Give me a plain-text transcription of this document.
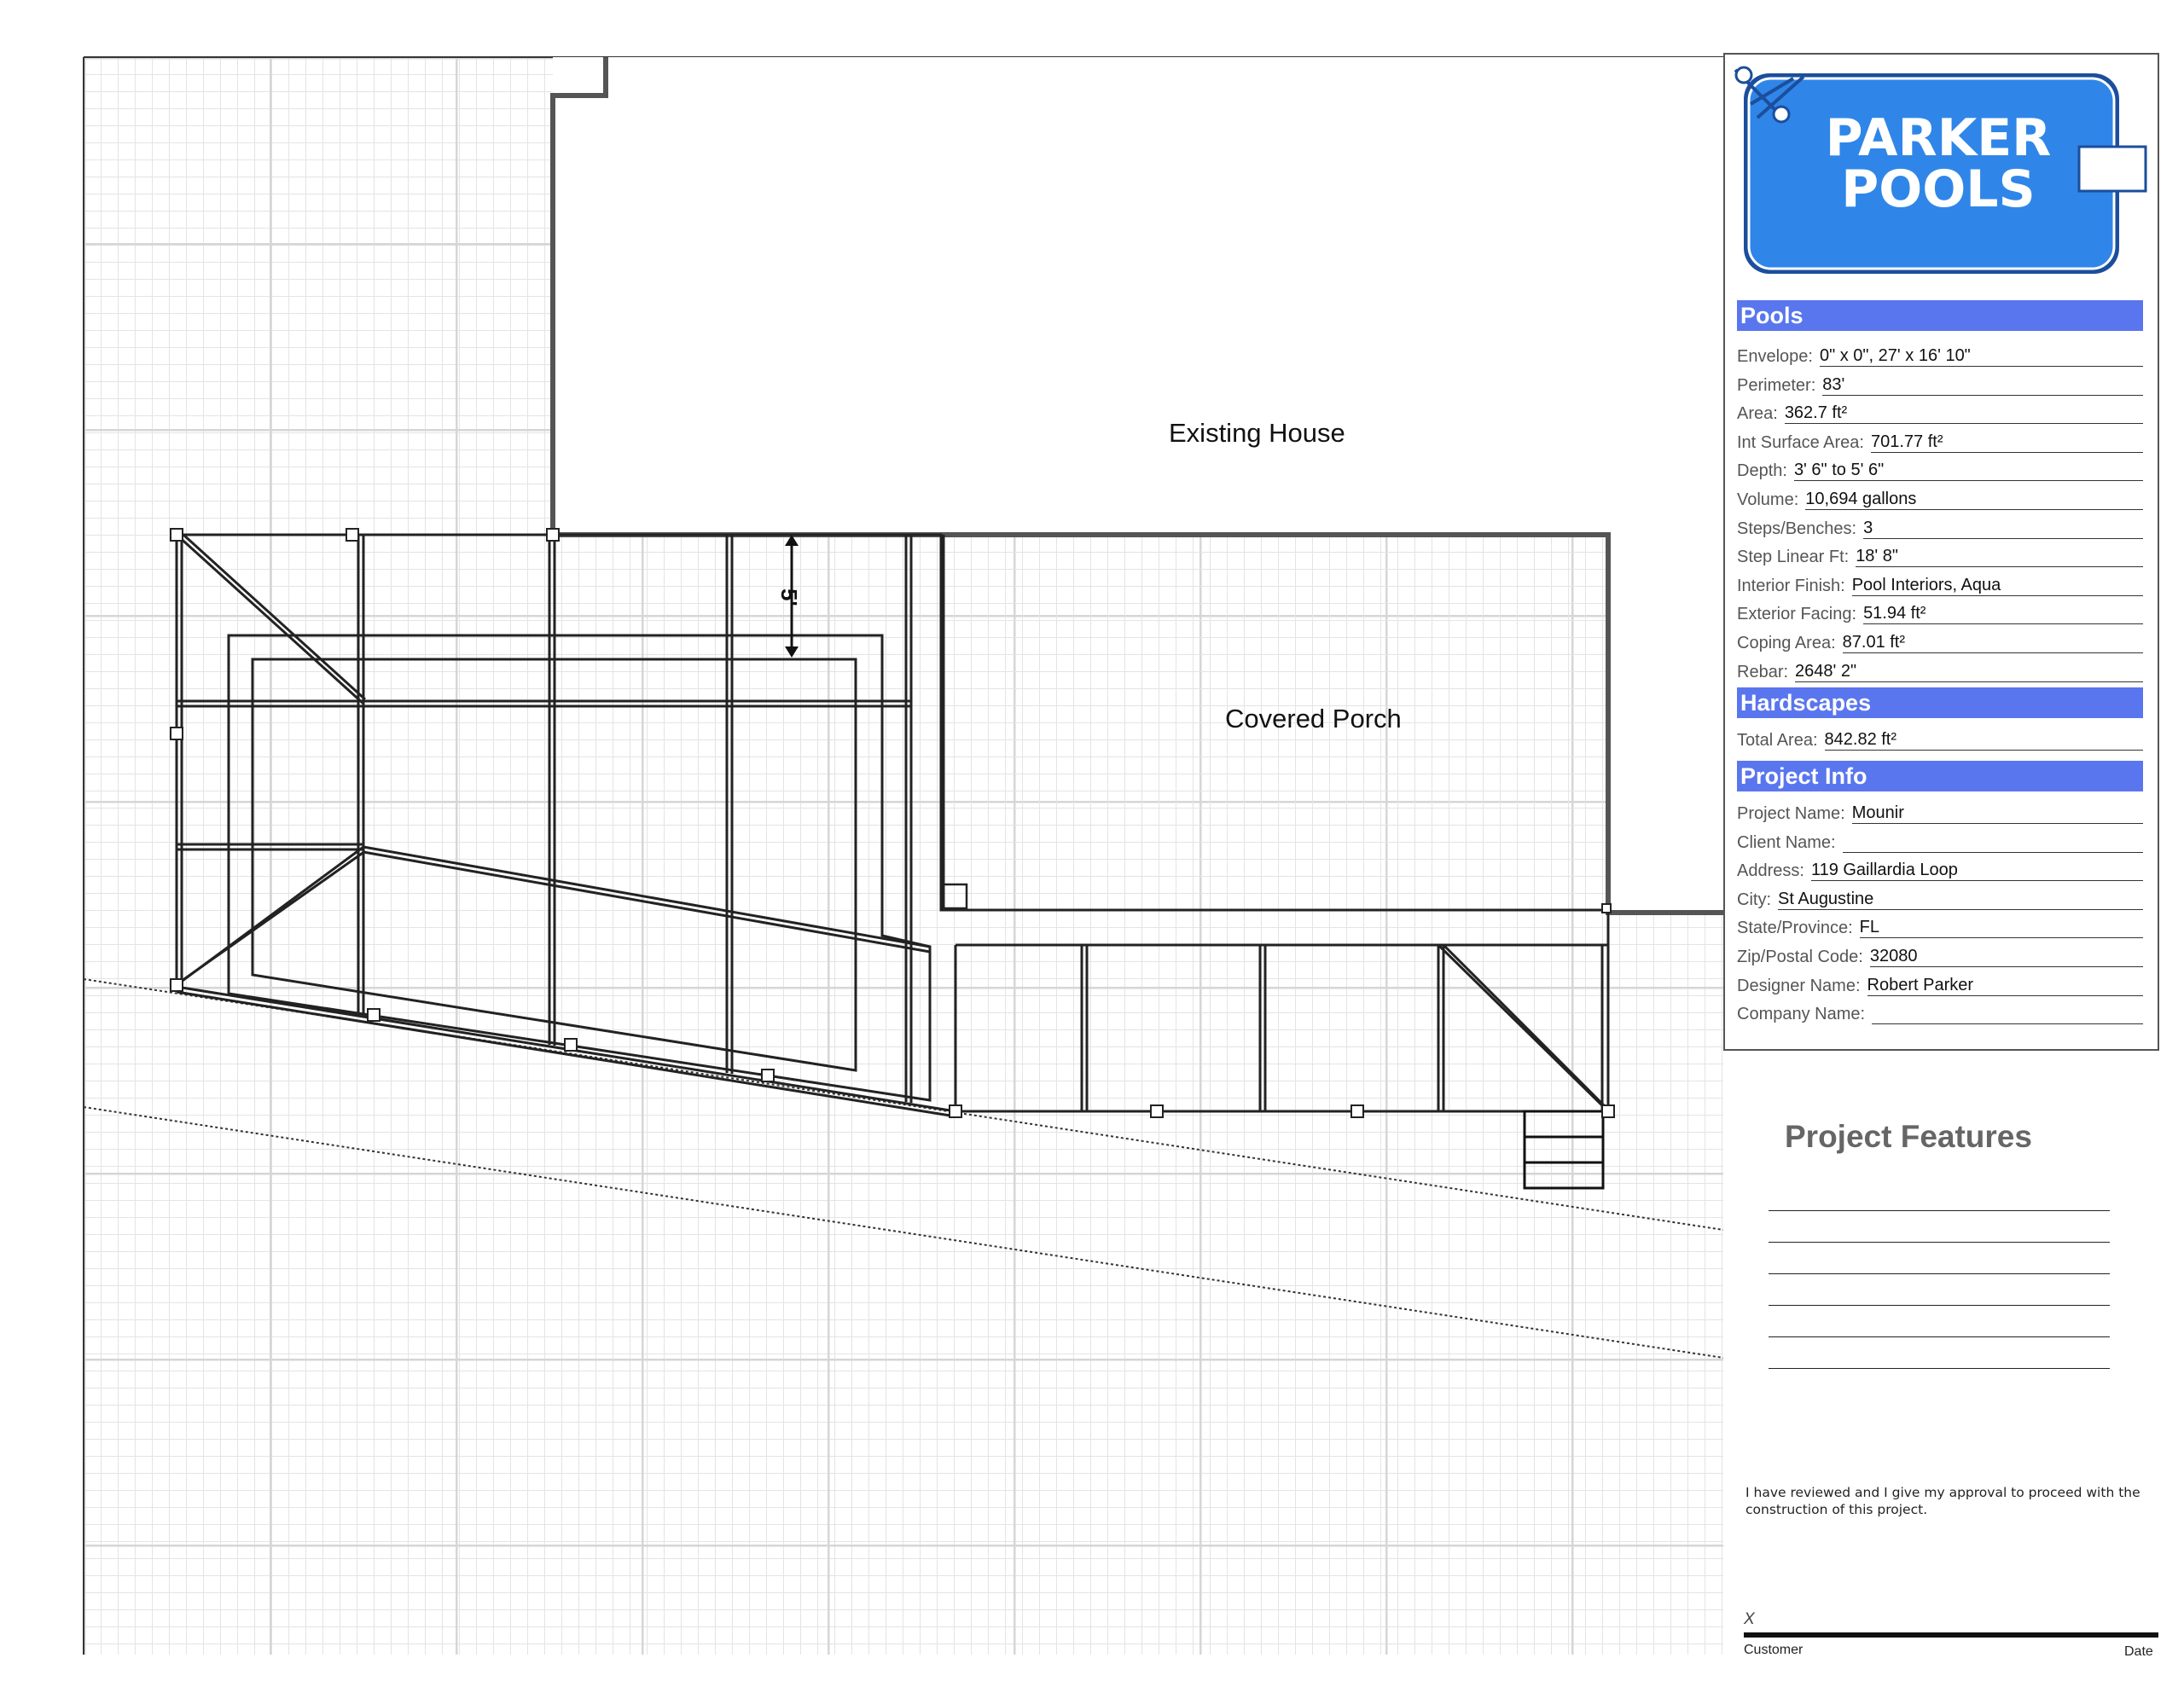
5'
Existing House
Covered Porch
PARKER
POOLS
Pools
Envelope: 0" x 0", 27' x 16' 10"
Perimeter: 83'
Area: 362.7 ft²
Int Surface Area: 701.77 ft²
Depth: 3' 6" to 5' 6"
Volume: 10,694 gallons
Steps/Benches: 3
Step Linear Ft: 18' 8"
Interior Finish: Pool Interiors, Aqua
Exterior Facing: 51.94 ft²
Coping Area: 87.01 ft²
Rebar: 2648' 2"
Hardscapes
Total Area: 842.82 ft²
Project Info
Project Name: Mounir
Client Name:
Address: 119 Gaillardia Loop
City: St Augustine
State/Province: FL
Zip/Postal Code: 32080
Designer Name: Robert Parker
Company Name:
Project Features
I have reviewed and I give my approval to proceed with the construction of this project.
X
Customer	Date
